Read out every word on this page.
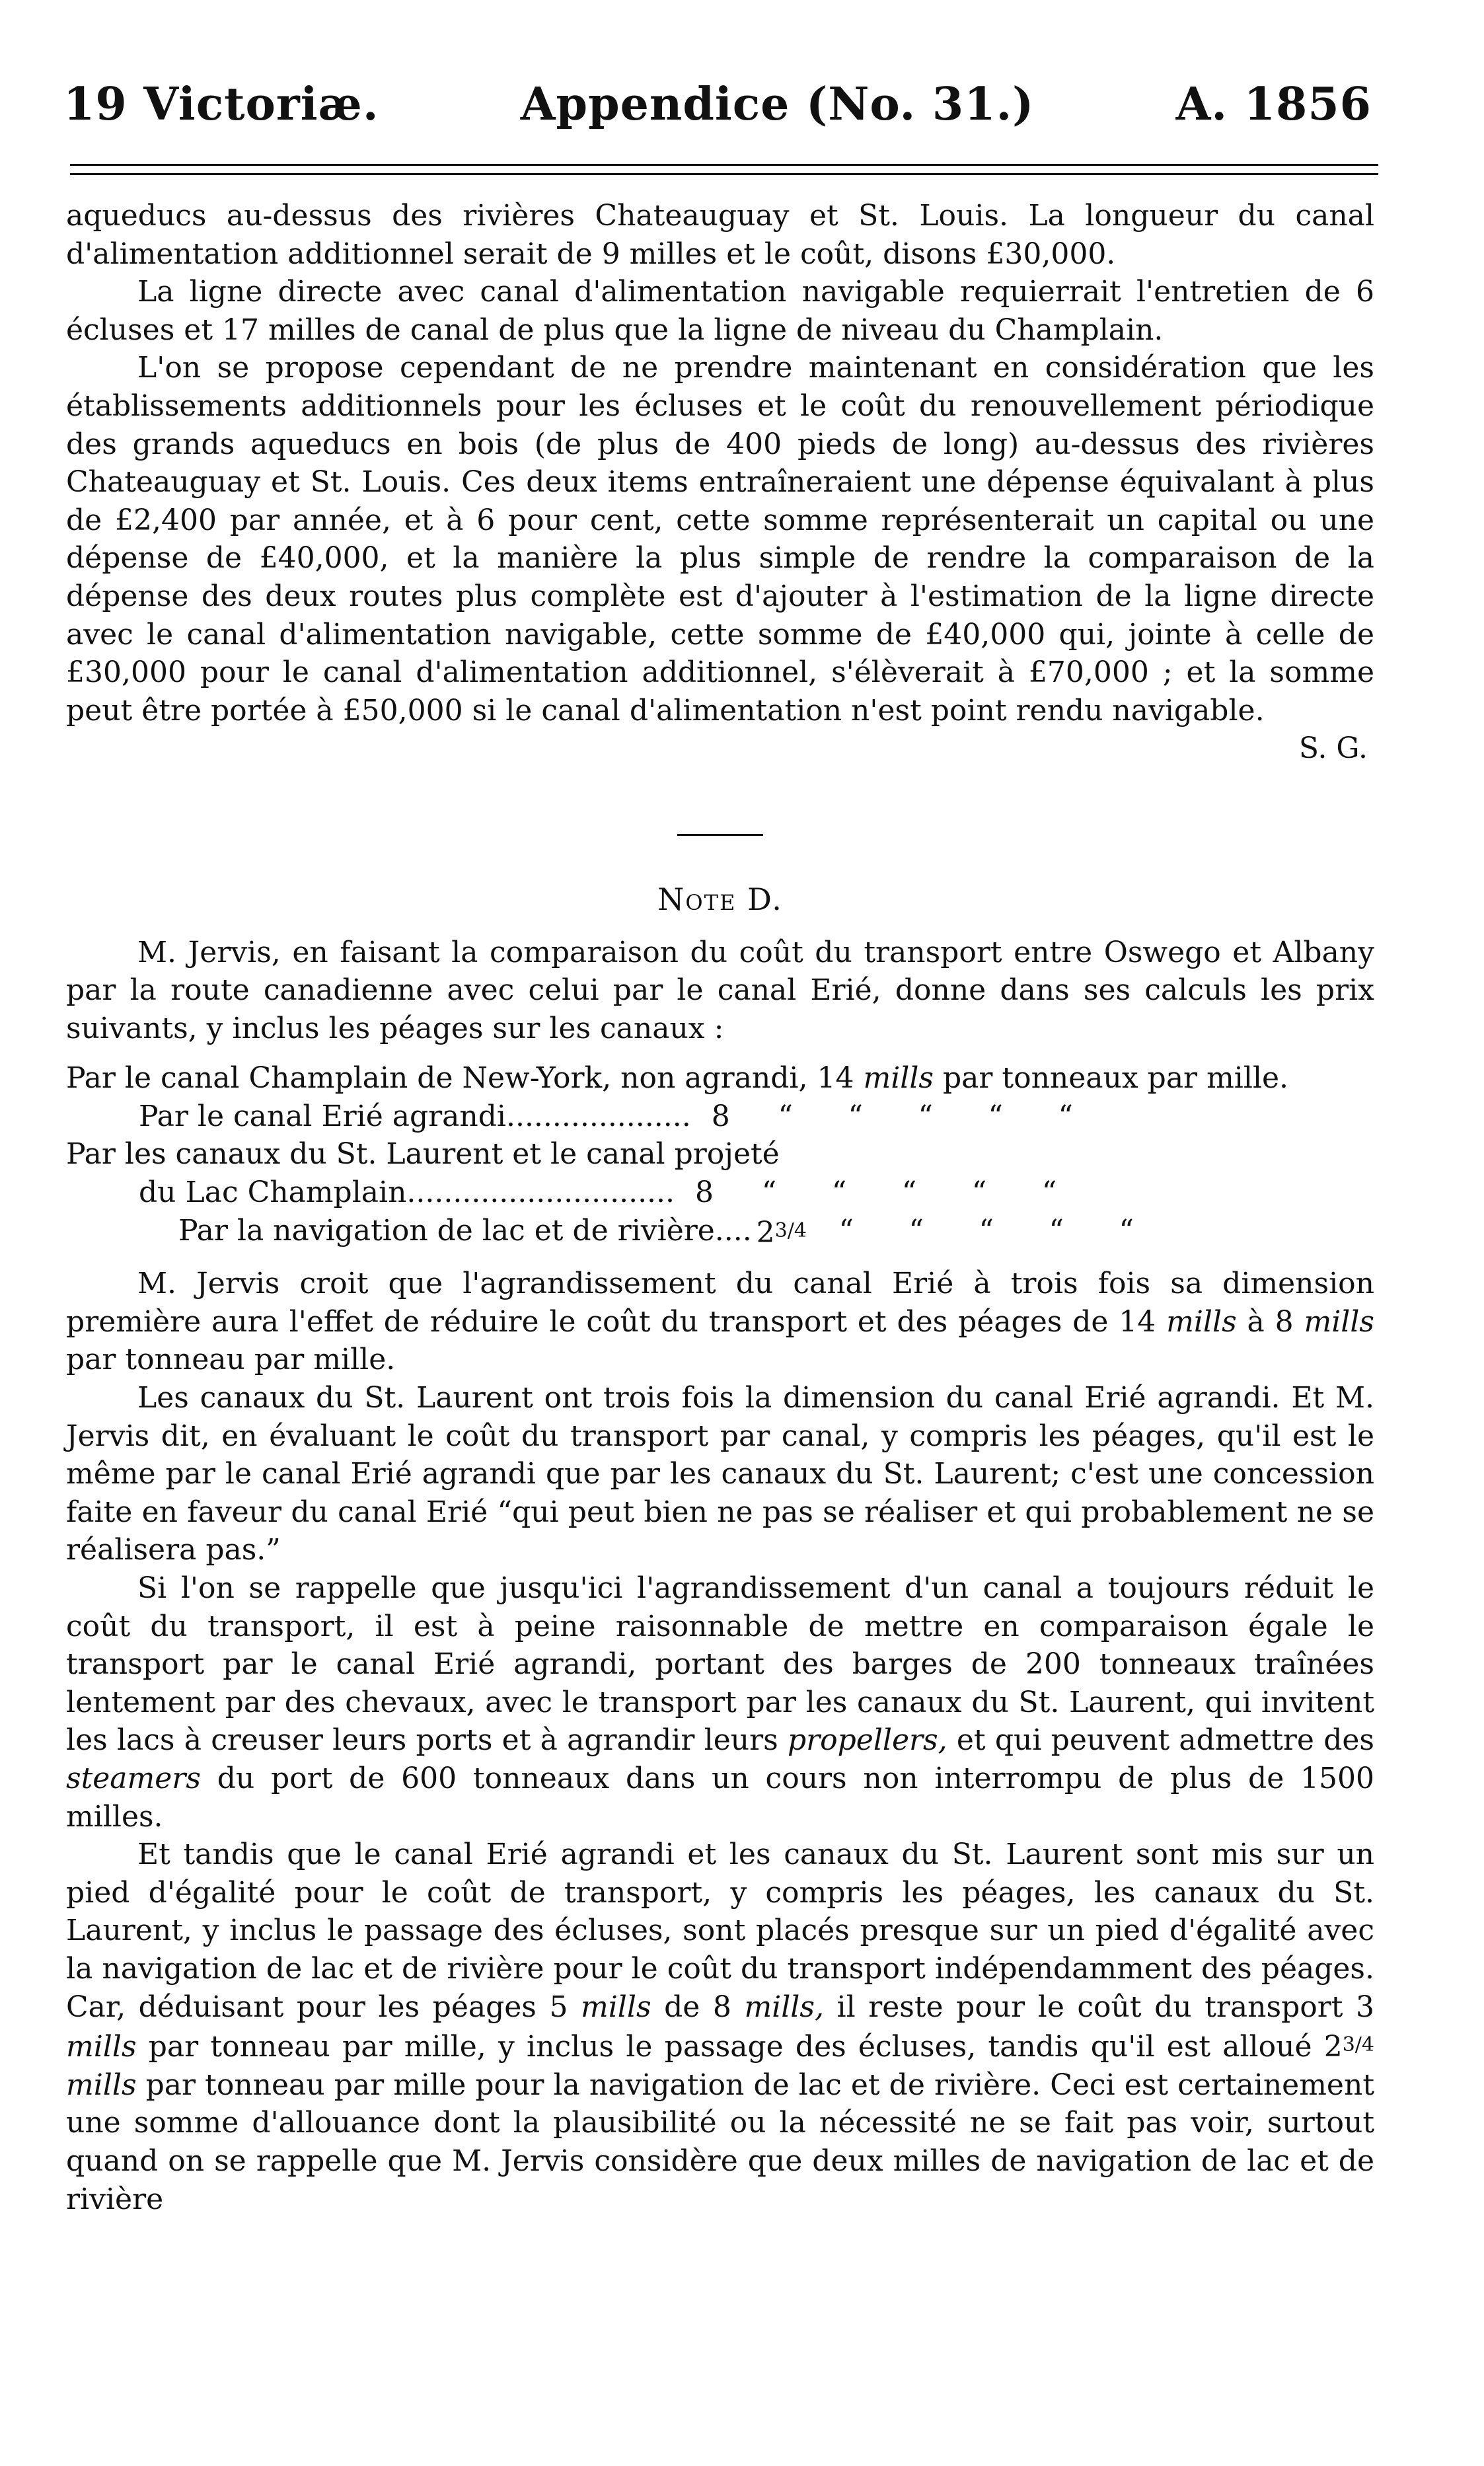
19 Victoriæ.	Appendice (No. 31.)	A. 1856

aqueducs au-dessus des rivières Chateauguay et St. Louis. La longueur du canal d'alimentation additionnel serait de 9 milles et le coût, disons £30,000.

La ligne directe avec canal d'alimentation navigable requierrait l'entretien de 6 écluses et 17 milles de canal de plus que la ligne de niveau du Champlain.

L'on se propose cependant de ne prendre maintenant en considération que les établissements additionnels pour les écluses et le coût du renouvellement périodique des grands aqueducs en bois (de plus de 400 pieds de long) au-dessus des rivières Chateauguay et St. Louis. Ces deux items entraîneraient une dépense équivalant à plus de £2,400 par année, et à 6 pour cent, cette somme représenterait un capital ou une dépense de £40,000, et la manière la plus simple de rendre la comparaison de la dépense des deux routes plus complète est d'ajouter à l'estimation de la ligne directe avec le canal d'alimentation navigable, cette somme de £40,000 qui, jointe à celle de £30,000 pour le canal d'alimentation additionnel, s'élèverait à £70,000 ; et la somme peut être portée à £50,000 si le canal d'alimentation n'est point rendu navigable.

S. G.

Note D.

M. Jervis, en faisant la comparaison du coût du transport entre Oswego et Albany par la route canadienne avec celui par le canal Erié, donne dans ses calculs les prix suivants, y inclus les péages sur les canaux :

Par le canal Champlain de New-York, non agrandi, 14 mills par tonneaux par mille.
Par le canal Erié agrandi.................... 8	“	“	“	“	“
Par les canaux du St. Laurent et le canal projeté
du Lac Champlain............................. 8	“	“	“	“	“
Par la navigation de lac et de rivière.... 23/4	“	“	“	“	“

M. Jervis croit que l'agrandissement du canal Erié à trois fois sa dimension première aura l'effet de réduire le coût du transport et des péages de 14 mills à 8 mills par tonneau par mille.

Les canaux du St. Laurent ont trois fois la dimension du canal Erié agrandi. Et M. Jervis dit, en évaluant le coût du transport par canal, y compris les péages, qu'il est le même par le canal Erié agrandi que par les canaux du St. Laurent; c'est une concession faite en faveur du canal Erié “qui peut bien ne pas se réaliser et qui probablement ne se réalisera pas.”

Si l'on se rappelle que jusqu'ici l'agrandissement d'un canal a toujours réduit le coût du transport, il est à peine raisonnable de mettre en comparaison égale le transport par le canal Erié agrandi, portant des barges de 200 tonneaux traînées lentement par des chevaux, avec le transport par les canaux du St. Laurent, qui invitent les lacs à creuser leurs ports et à agrandir leurs propellers, et qui peuvent admettre des steamers du port de 600 tonneaux dans un cours non interrompu de plus de 1500 milles.

Et tandis que le canal Erié agrandi et les canaux du St. Laurent sont mis sur un pied d'égalité pour le coût de transport, y compris les péages, les canaux du St. Laurent, y inclus le passage des écluses, sont placés presque sur un pied d'égalité avec la navigation de lac et de rivière pour le coût du transport indépendamment des péages. Car, déduisant pour les péages 5 mills de 8 mills, il reste pour le coût du transport 3 mills par tonneau par mille, y inclus le passage des écluses, tandis qu'il est alloué 23/4 mills par tonneau par mille pour la navigation de lac et de rivière. Ceci est certainement une somme d'allouance dont la plausibilité ou la nécessité ne se fait pas voir, surtout quand on se rappelle que M. Jervis considère que deux milles de navigation de lac et de rivière
